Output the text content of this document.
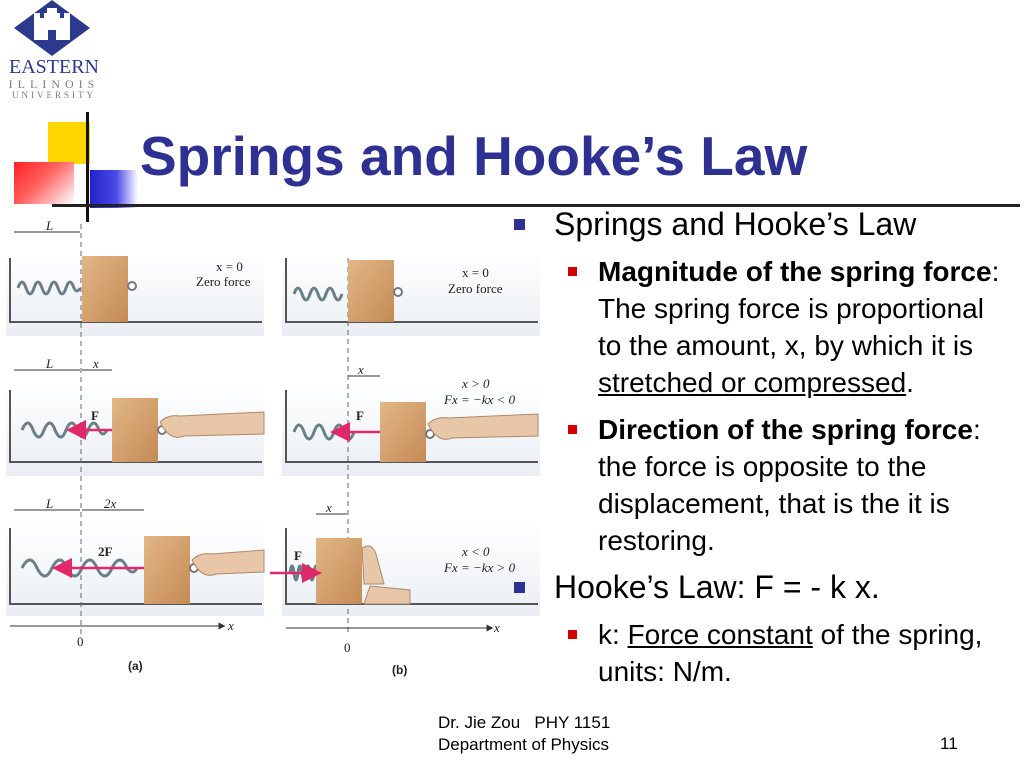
EASTERN
ILLINOIS
UNIVERSITY
Springs and Hooke’s Law
L
x = 0
Zero force
x = 0
Zero force
L	x	x
x > 0
Fx = −kx < 0
F	F
L	2x	x
x < 0
Fx = −kx > 0
2F	F
x	x
0	0
(a)	(b)
Springs and Hooke’s Law
Magnitude of the spring force: The spring force is proportional to the amount, x, by which it is stretched or compressed.
Direction of the spring force: the force is opposite to the displacement, that is the it is restoring.
Hooke’s Law: F = - k x.
k: Force constant of the spring, units: N/m.
Dr. Jie Zou   PHY 1151
Department of Physics	11
